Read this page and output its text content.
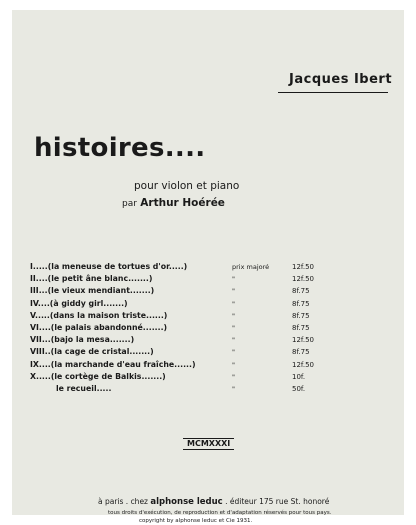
Jacques Ibert
histoires....
pour violon et piano
par Arthur Hoérée
I.....(la meneuse de tortues d'or.....)	prix majoré	12f.50
II....(le petit âne blanc.......)	"	12f.50
III...(le vieux mendiant.......)	"	8f.75
IV....(à giddy girl.......)	"	8f.75
V.....(dans la maison triste......)	"	8f.75
VI....(le palais abandonné.......)	"	8f.75
VII...(bajo la mesa.......)	"	12f.50
VIII..(la cage de cristal.......)	"	8f.75
IX....(la marchande d'eau fraîche......)	"	12f.50
X.....(le cortège de Balkis.......)	"	10f.
le recueil.....	"	50f.
MCMXXXI
à paris . chez alphonse leduc . éditeur 175 rue St. honoré
tous droits d'exécution, de reproduction et d'adaptation réservés pour tous pays.
copyright by alphonse leduc et Cie 1931.
